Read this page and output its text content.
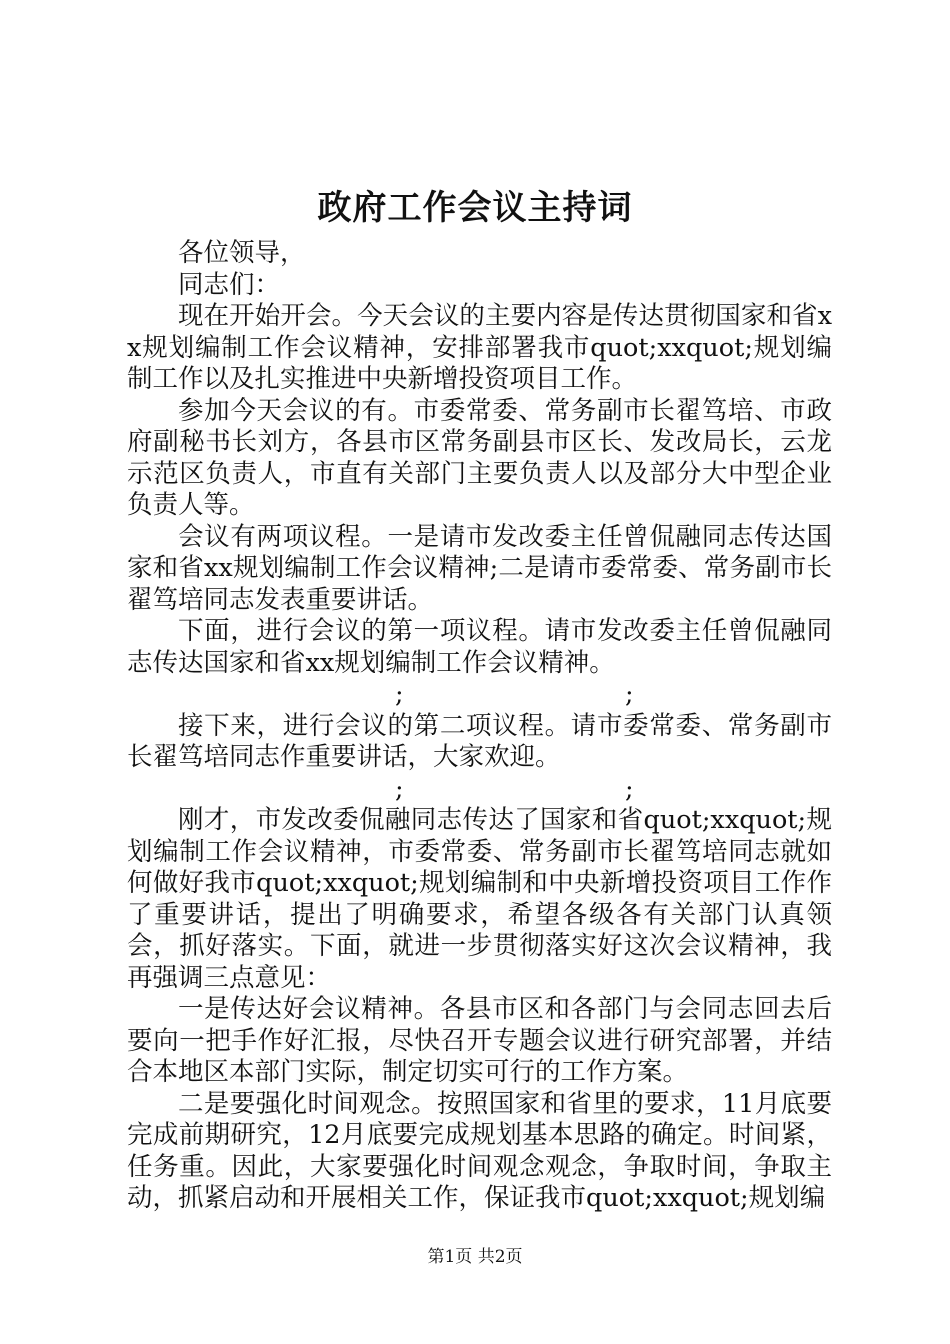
政府工作会议主持词

各位领导，

同志们：

现在开始开会。今天会议的主要内容是传达贯彻国家和省xx规划编制工作会议精神，安排部署我市quot;xxquot;规划编制工作以及扎实推进中央新增投资项目工作。

参加今天会议的有。市委常委、常务副市长翟笃培、市政府副秘书长刘方，各县市区常务副县市区长、发改局长，云龙示范区负责人，市直有关部门主要负责人以及部分大中型企业负责人等。

会议有两项议程。一是请市发改委主任曾侃融同志传达国家和省xx规划编制工作会议精神;二是请市委常委、常务副市长翟笃培同志发表重要讲话。

下面，进行会议的第一项议程。请市发改委主任曾侃融同志传达国家和省xx规划编制工作会议精神。

;	;

接下来，进行会议的第二项议程。请市委常委、常务副市长翟笃培同志作重要讲话，大家欢迎。

;	;

刚才，市发改委侃融同志传达了国家和省quot;xxquot;规划编制工作会议精神，市委常委、常务副市长翟笃培同志就如何做好我市quot;xxquot;规划编制和中央新增投资项目工作作了重要讲话，提出了明确要求，希望各级各有关部门认真领会，抓好落实。下面，就进一步贯彻落实好这次会议精神，我再强调三点意见：

一是传达好会议精神。各县市区和各部门与会同志回去后要向一把手作好汇报，尽快召开专题会议进行研究部署，并结合本地区本部门实际，制定切实可行的工作方案。

二是要强化时间观念。按照国家和省里的要求，11月底要完成前期研究，12月底要完成规划基本思路的确定。时间紧，任务重。因此，大家要强化时间观念观念，争取时间，争取主动，抓紧启动和开展相关工作，保证我市quot;xxquot;规划编

第1页 共2页
